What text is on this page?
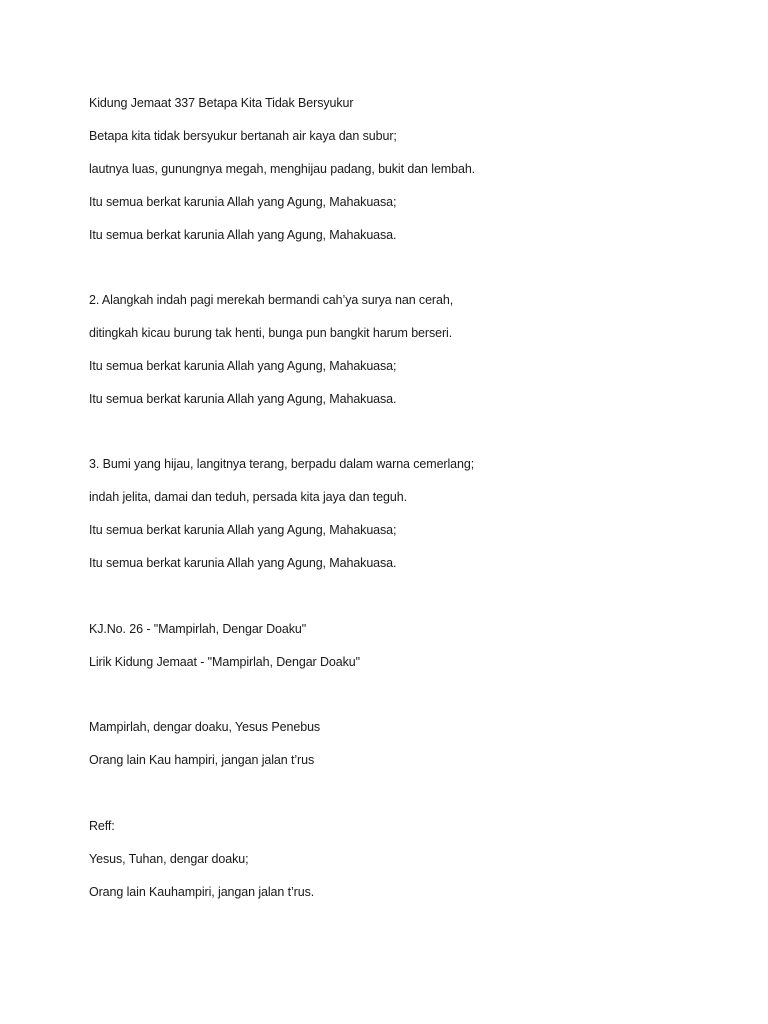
Kidung Jemaat 337 Betapa Kita Tidak Bersyukur
Betapa kita tidak bersyukur bertanah air kaya dan subur;
lautnya luas, gunungnya megah, menghijau padang, bukit dan lembah.
Itu semua berkat karunia Allah yang Agung, Mahakuasa;
Itu semua berkat karunia Allah yang Agung, Mahakuasa.
2. Alangkah indah pagi merekah bermandi cah’ya surya nan cerah,
ditingkah kicau burung tak henti, bunga pun bangkit harum berseri.
Itu semua berkat karunia Allah yang Agung, Mahakuasa;
Itu semua berkat karunia Allah yang Agung, Mahakuasa.
3. Bumi yang hijau, langitnya terang, berpadu dalam warna cemerlang;
indah jelita, damai dan teduh, persada kita jaya dan teguh.
Itu semua berkat karunia Allah yang Agung, Mahakuasa;
Itu semua berkat karunia Allah yang Agung, Mahakuasa.
KJ.No. 26 - "Mampirlah, Dengar Doaku"
Lirik Kidung Jemaat - "Mampirlah, Dengar Doaku"
Mampirlah, dengar doaku, Yesus Penebus
Orang lain Kau hampiri, jangan jalan t’rus
Reff:
Yesus, Tuhan, dengar doaku;
Orang lain Kauhampiri, jangan jalan t’rus.
